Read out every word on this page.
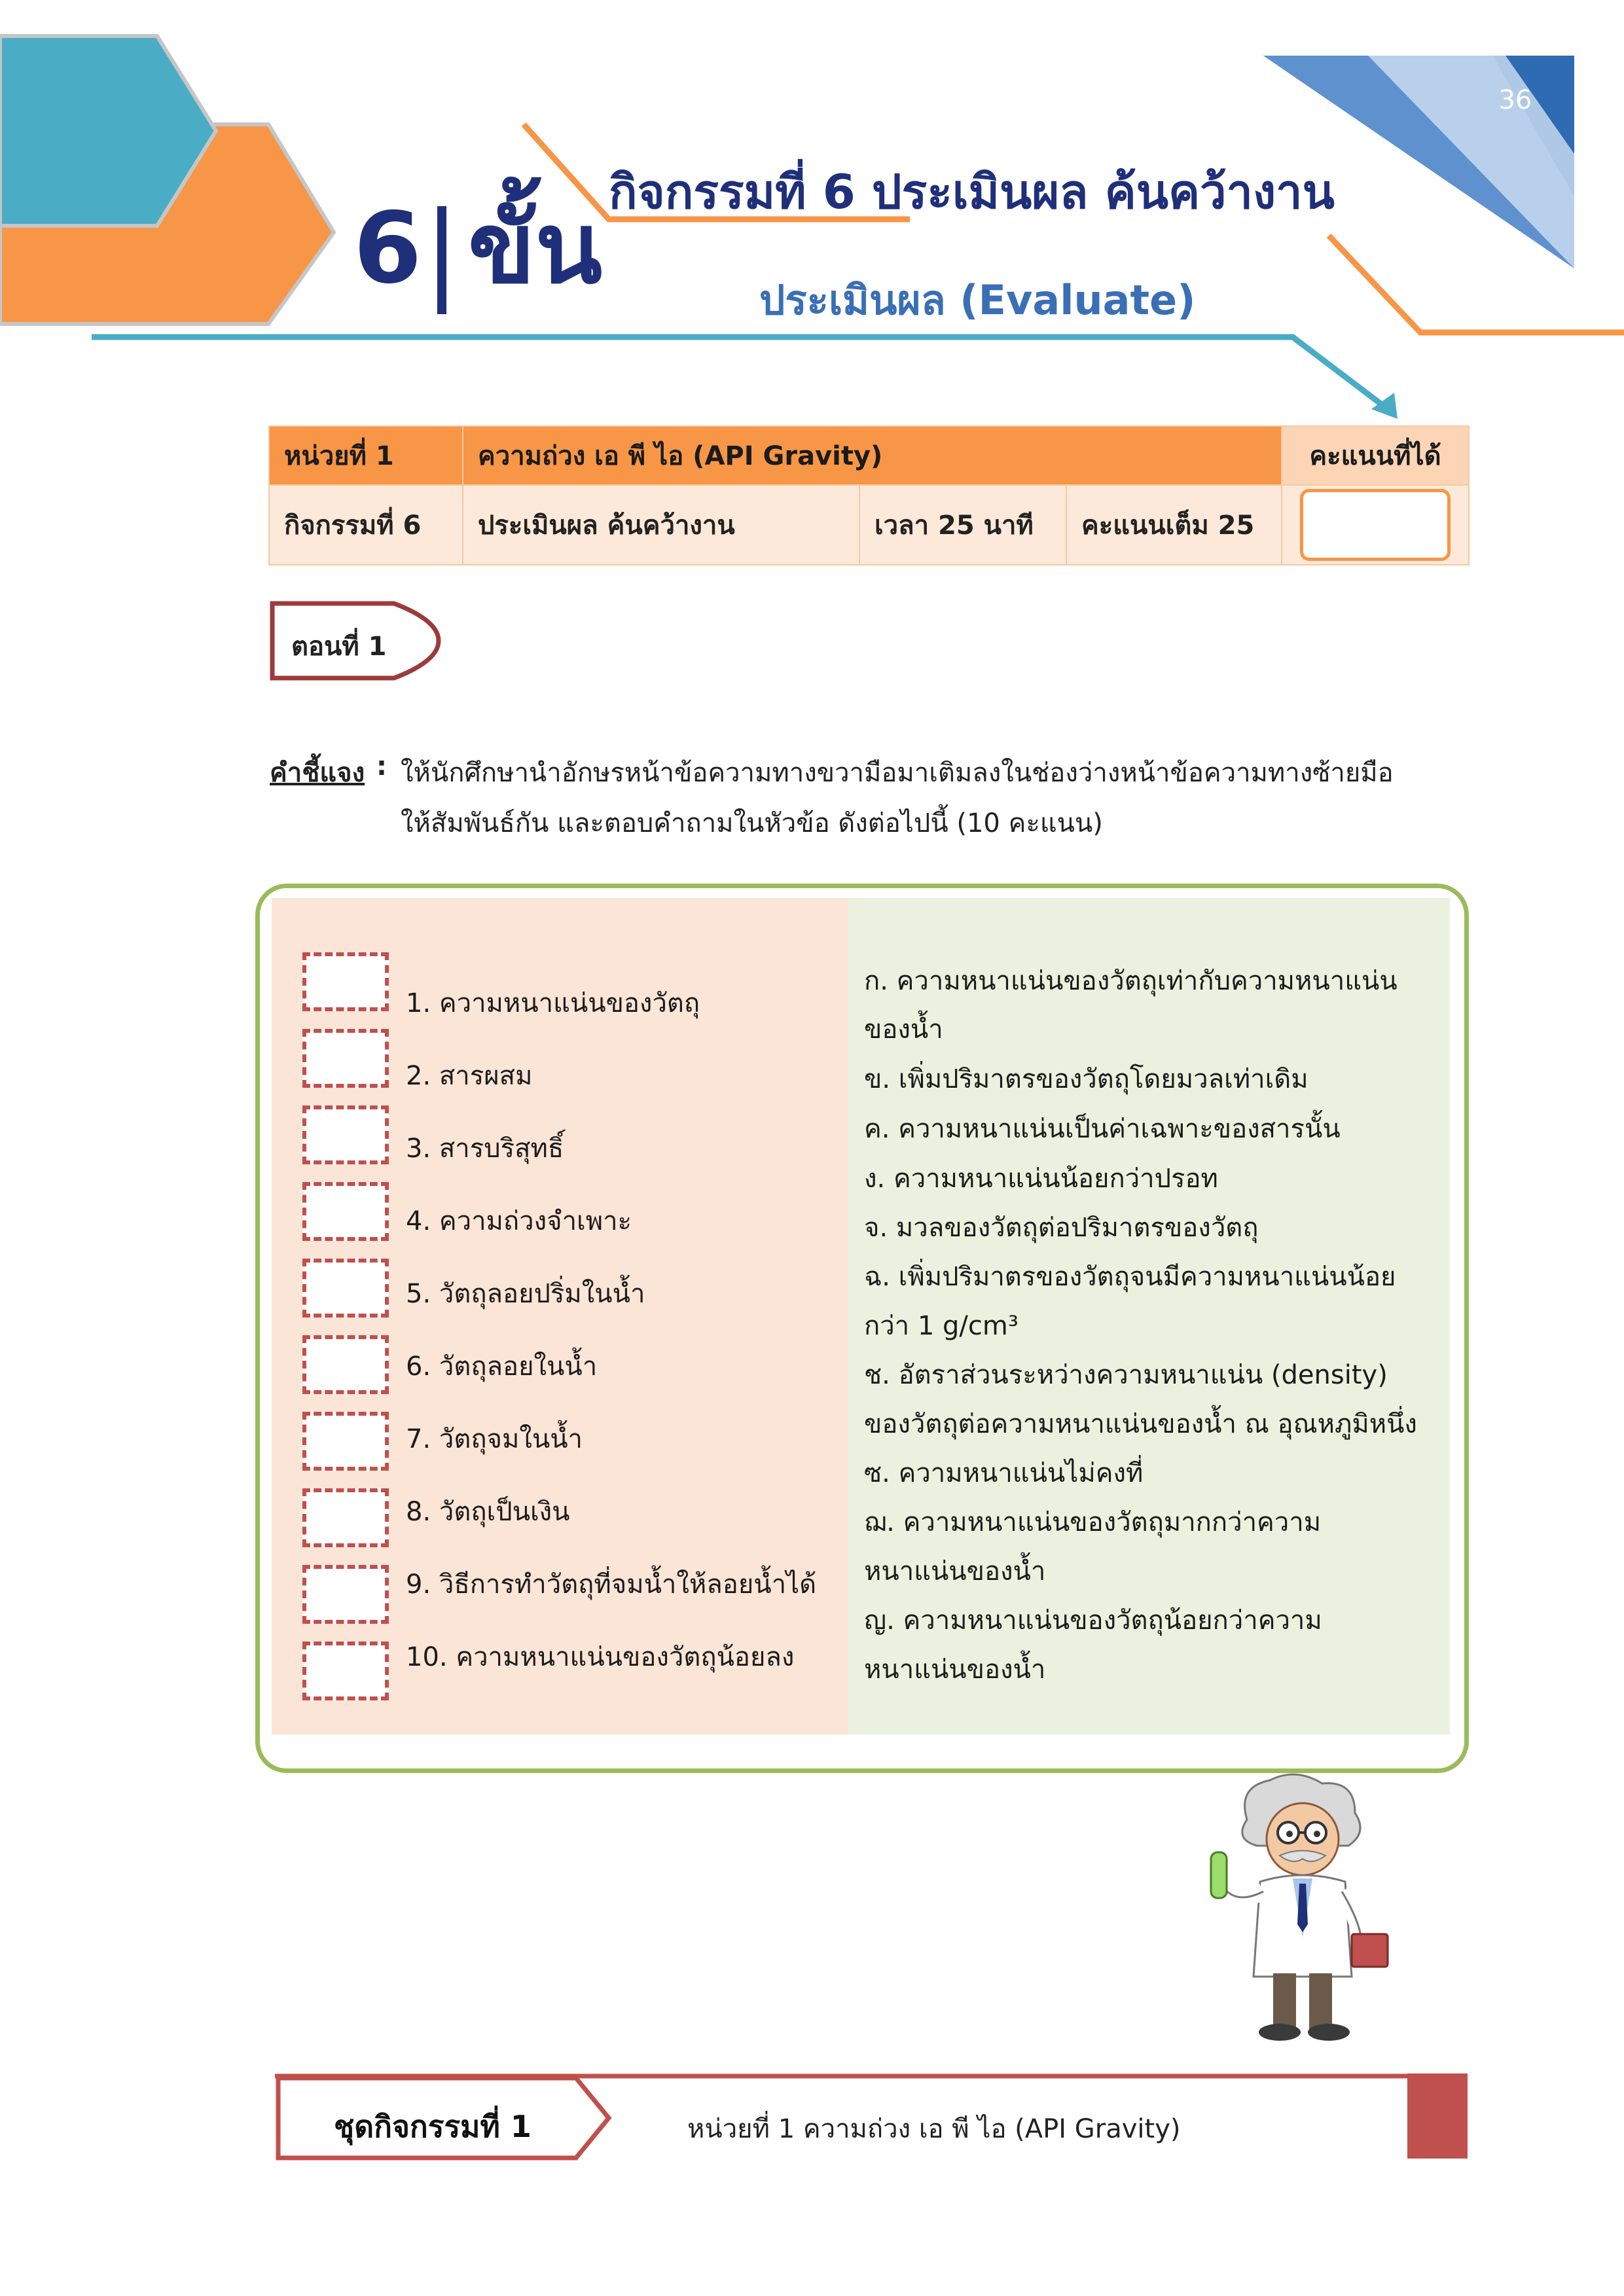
36
6 ขั้น กิจกรรมที่ 6 ประเมินผล ค้นคว้างาน
ประเมินผล (Evaluate)
หน่วยที่ 1	ความถ่วง เอ พี ไอ (API Gravity)			คะแนนที่ได้
กิจกรรมที่ 6	ประเมินผล ค้นคว้างาน	เวลา 25 นาที	คะแนนเต็ม 25	
ตอนที่ 1
คำชี้แจง : ให้นักศึกษานำอักษรหน้าข้อความทางขวามือมาเติมลงในช่องว่างหน้าข้อความทางซ้ายมือ
ให้สัมพันธ์กัน และตอบคำถามในหัวข้อ ดังต่อไปนี้ (10 คะแนน)
1. ความหนาแน่นของวัตถุ
2. สารผสม
3. สารบริสุทธิ์
4. ความถ่วงจำเพาะ
5. วัตถุลอยปริ่มในน้ำ
6. วัตถุลอยในน้ำ
7. วัตถุจมในน้ำ
8. วัตถุเป็นเงิน
9. วิธีการทำวัตถุที่จมน้ำให้ลอยน้ำได้
10. ความหนาแน่นของวัตถุน้อยลง
ก. ความหนาแน่นของวัตถุเท่ากับความหนาแน่น
ของน้ำ
ข. เพิ่มปริมาตรของวัตถุโดยมวลเท่าเดิม
ค. ความหนาแน่นเป็นค่าเฉพาะของสารนั้น
ง. ความหนาแน่นน้อยกว่าปรอท
จ. มวลของวัตถุต่อปริมาตรของวัตถุ
ฉ. เพิ่มปริมาตรของวัตถุจนมีความหนาแน่นน้อย
กว่า 1 g/cm³
ช. อัตราส่วนระหว่างความหนาแน่น (density)
ของวัตถุต่อความหนาแน่นของน้ำ ณ อุณหภูมิหนึ่ง
ซ. ความหนาแน่นไม่คงที่
ฌ. ความหนาแน่นของวัตถุมากกว่าความ
หนาแน่นของน้ำ
ญ. ความหนาแน่นของวัตถุน้อยกว่าความ
หนาแน่นของน้ำ
ชุดกิจกรรมที่ 1	หน่วยที่ 1 ความถ่วง เอ พี ไอ (API Gravity)
